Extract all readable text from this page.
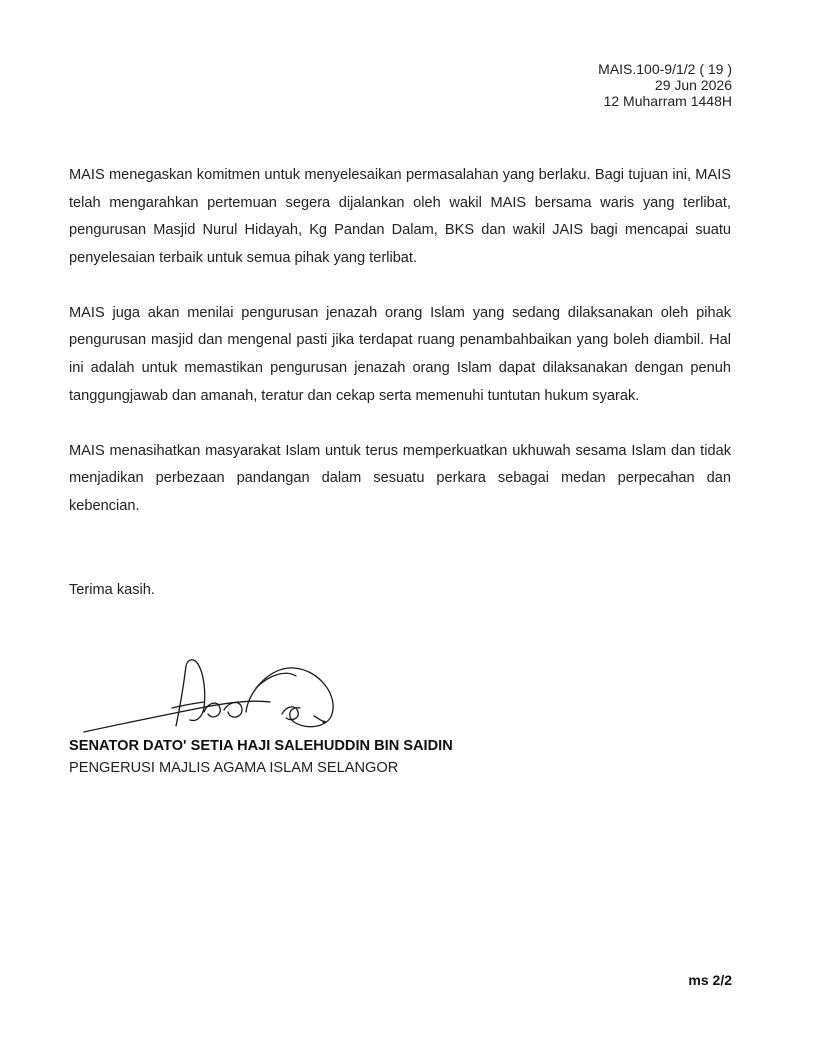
MAIS.100-9/1/2 ( 19 )
29 Jun 2026
12 Muharram 1448H

MAIS menegaskan komitmen untuk menyelesaikan permasalahan yang berlaku. Bagi tujuan ini, MAIS telah mengarahkan pertemuan segera dijalankan oleh wakil MAIS bersama waris yang terlibat, pengurusan Masjid Nurul Hidayah, Kg Pandan Dalam, BKS dan wakil JAIS bagi mencapai suatu penyelesaian terbaik untuk semua pihak yang terlibat.

MAIS juga akan menilai pengurusan jenazah orang Islam yang sedang dilaksanakan oleh pihak pengurusan masjid dan mengenal pasti jika terdapat ruang penambahbaikan yang boleh diambil. Hal ini adalah untuk memastikan pengurusan jenazah orang Islam dapat dilaksanakan dengan penuh tanggungjawab dan amanah, teratur dan cekap serta memenuhi tuntutan hukum syarak.

MAIS menasihatkan masyarakat Islam untuk terus memperkuatkan ukhuwah sesama Islam dan tidak menjadikan perbezaan pandangan dalam sesuatu perkara sebagai medan perpecahan dan kebencian.

Terima kasih.
SENATOR DATO' SETIA HAJI SALEHUDDIN BIN SAIDIN
PENGERUSI MAJLIS AGAMA ISLAM SELANGOR
ms 2/2
